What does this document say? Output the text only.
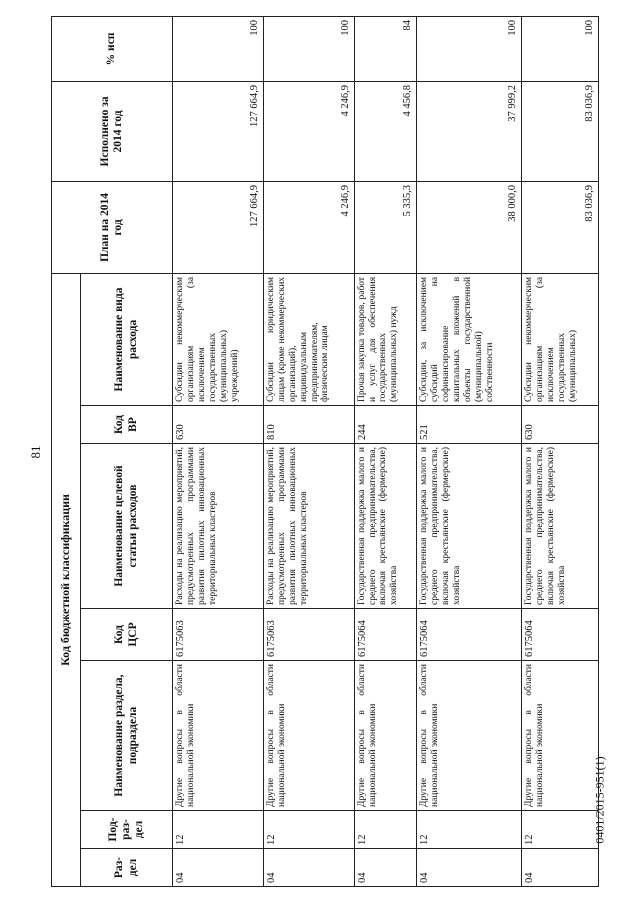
81
0401/2015-951(1)
Код бюджетной классификации							План на 2014 год	Исполнено за 2014 год	% исп
Раз-дел	Под-раз-дел	Наименование раздела, подраздела	Код ЦСР	Наименование целевой статьи расходов	Код ВР	Наименование вида расхода			
04	12	Другие вопросы в области национальной экономики	6175063	Расходы на реализацию мероприятий, предусмотренных программами развития пилотных инновационных территориальных кластеров	630	Субсидии некоммерческим организациям (за исключением государственных (муниципальных) учреждений)	127 664,9	127 664,9	100
04	12	Другие вопросы в области национальной экономики	6175063	Расходы на реализацию мероприятий, предусмотренных программами развития пилотных инновационных территориальных кластеров	810	Субсидии юридическим лицам (кроме некоммерческих организаций), индивидуальным предпринимателям, физическим лицам	4 246,9	4 246,9	100
04	12	Другие вопросы в области национальной экономики	6175064	Государственная поддержка малого и среднего предпринимательства, включая крестьянские (фермерские) хозяйства	244	Прочая закупка товаров, работ и услуг для обеспечения государственных (муниципальных) нужд	5 335,3	4 456,8	84
04	12	Другие вопросы в области национальной экономики	6175064	Государственная поддержка малого и среднего предпринимательства, включая крестьянские (фермерские) хозяйства	521	Субсидии, за исключением субсидий на софинансирование капитальных вложений в объекты государственной (муниципальной) собственности	38 000,0	37 999,2	100
04	12	Другие вопросы в области национальной экономики	6175064	Государственная поддержка малого и среднего предпринимательства, включая крестьянские (фермерские) хозяйства	630	Субсидии некоммерческим организациям (за исключением государственных (муниципальных)	83 036,9	83 036,9	100
